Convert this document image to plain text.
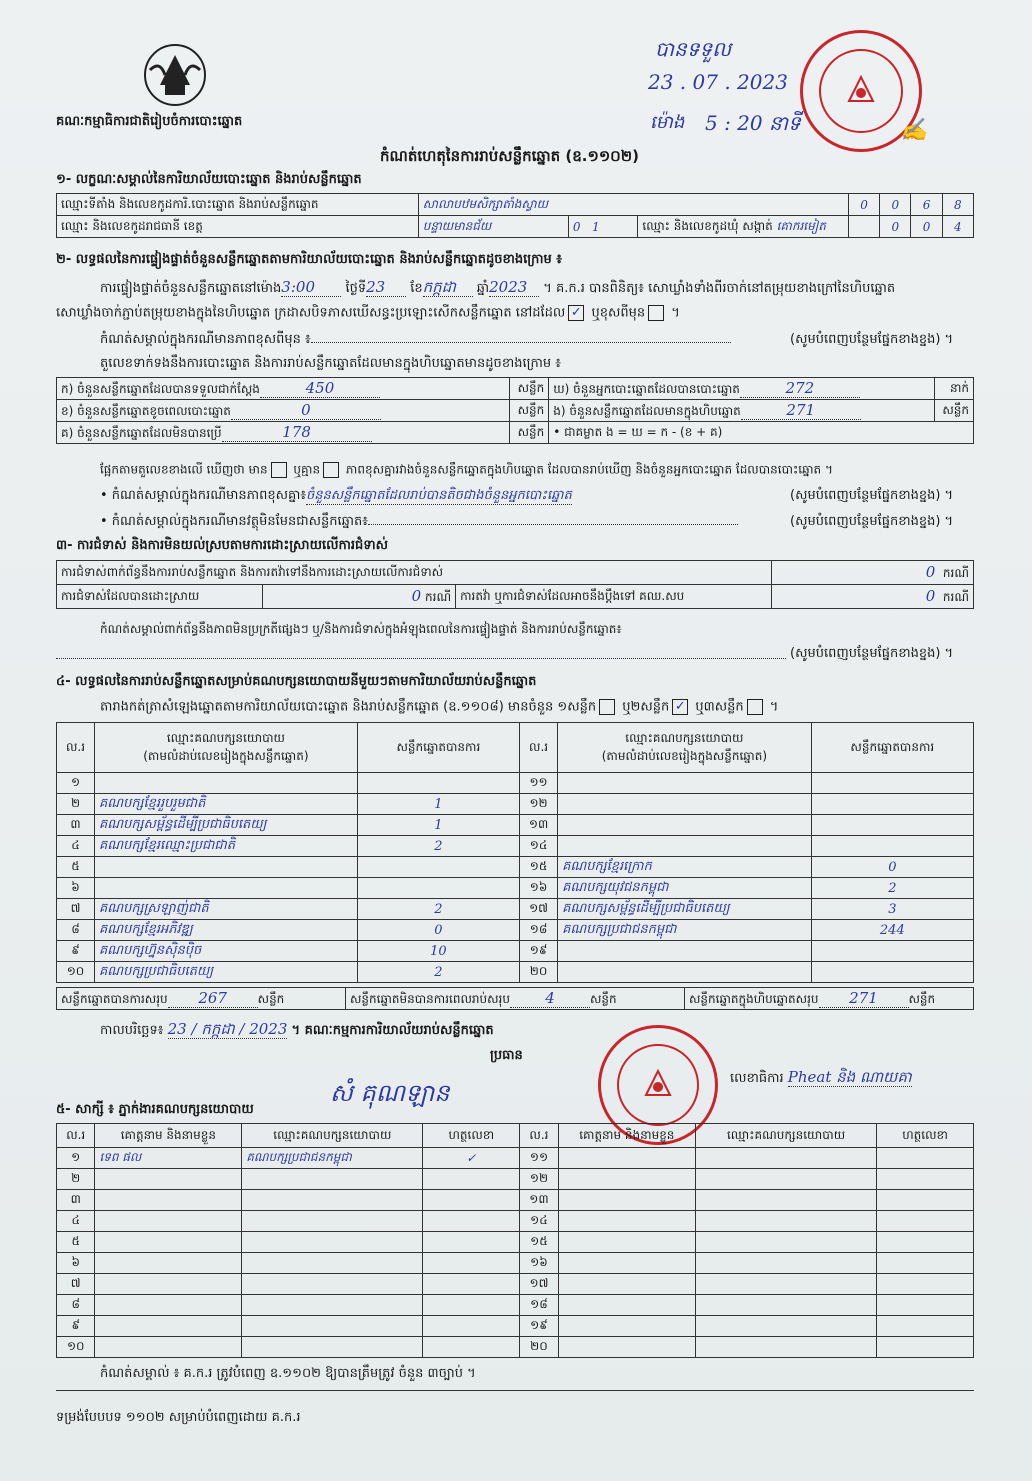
គណៈកម្មាធិការជាតិរៀបចំការបោះឆ្នោត
បានទទួល
23 . 07 . 2023
ម៉ោង 5 : 20 នាទី	✍
កំណត់ហេតុនៃការរាប់សន្លឹកឆ្នោត (ឧ.១១០២)
១- លក្ខណៈសម្គាល់នៃការិយាល័យបោះឆ្នោត និងរាប់សន្លឹកឆ្នោត
ឈ្មោះទីតាំង និងលេខកូដការិ.បោះឆ្នោត និងរាប់សន្លឹកឆ្នោត	សាលាបឋមសិក្សាតាំងស្វាយ			0	0	6	8
ឈ្មោះ និងលេខកូដរាជធានី ខេត្ត	បន្ទាយមានជ័យ	0 1	ឈ្មោះ និងលេខកូដឃុំ សង្កាត់ គោករមៀត		0	0	4
២- លទ្ធផលនៃការផ្ទៀងផ្ទាត់ចំនួនសន្លឹកឆ្នោតតាមការិយាល័យបោះឆ្នោត និងរាប់សន្លឹកឆ្នោតដូចខាងក្រោម ៖
ការផ្ទៀងផ្ទាត់ចំនួនសន្លឹកឆ្នោតនៅម៉ោង3:00 ថ្ងៃទី23 ខែកក្កដា ឆ្នាំ2023 ។ គ.ក.រ បានពិនិត្យ៖ សោឃ្លាំងទាំងពីរចាក់នៅតម្រុយខាងក្រៅនៃហិបឆ្នោត
សោឃ្លាំងចាក់ភ្ជាប់តម្រុយខាងក្នុងនៃហិបឆ្នោត ក្រដាសបិទភាសឃើសន្ធះប្រឡោះសើកសន្លឹកឆ្នោត នៅដដែល ✓ ឬខុសពីមុន ។
កំណត់សម្គាល់ក្នុងករណីមានភាពខុសពីមុន ៖	(សូមបំពេញបន្ថែមផ្នែកខាងខ្នង) ។
តួលេខទាក់ទងនឹងការបោះឆ្នោត និងការរាប់សន្លឹកឆ្នោតដែលមានក្នុងហិបឆ្នោតមានដូចខាងក្រោម ៖
ក) ចំនួនសន្លឹកឆ្នោតដែលបានទទួលជាក់ស្តែង 450	សន្លឹក	ឃ) ចំនួនអ្នកបោះឆ្នោតដែលបានបោះឆ្នោត 272	នាក់
ខ) ចំនួនសន្លឹកឆ្នោតខូចពេលបោះឆ្នោត 0	សន្លឹក	ង) ចំនួនសន្លឹកឆ្នោតដែលមានក្នុងហិបឆ្នោត 271	សន្លឹក
គ) ចំនួនសន្លឹកឆ្នោតដែលមិនបានប្រើ 178	សន្លឹក	• ជាគម្លាត ង = ឃ = ក - (ខ + គ)	
ផ្អែកតាមតួលេខខាងលើ ឃើញថា មាន ឬគ្មាន ភាពខុសគ្នារវាងចំនួនសន្លឹកឆ្នោតក្នុងហិបឆ្នោត ដែលបានរាប់ឃើញ និងចំនួនអ្នកបោះឆ្នោត ដែលបានបោះឆ្នោត ។
• កំណត់សម្គាល់ក្នុងករណីមានភាពខុសគ្នា៖ចំនួនសន្លឹកឆ្នោតដែលរាប់បានតិចជាងចំនួនអ្នកបោះឆ្នោត	(សូមបំពេញបន្ថែមផ្នែកខាងខ្នង) ។
• កំណត់សម្គាល់ក្នុងករណីមានវត្ថុមិនមែនជាសន្លឹកឆ្នោត៖	(សូមបំពេញបន្ថែមផ្នែកខាងខ្នង) ។
៣- ការជំទាស់ និងការមិនយល់ស្របតាមការដោះស្រាយលើការជំទាស់
ការជំទាស់ពាក់ព័ន្ធនឹងការរាប់សន្លឹកឆ្នោត និងការតវ៉ាទៅនឹងការដោះស្រាយលើការជំទាស់			0 ករណី
ការជំទាស់ដែលបានដោះស្រាយ	0 ករណី	ការតវ៉ា ឬការជំទាស់ដែលអាចនឹងប្តឹងទៅ គឈ.សប	0 ករណី
កំណត់សម្គាល់ពាក់ព័ន្ធនឹងភាពមិនប្រក្រតីផ្សេងៗ ឬ/និងការជំទាស់ក្នុងអំឡុងពេលនៃការផ្ទៀងផ្ទាត់ និងការរាប់សន្លឹកឆ្នោត៖
(សូមបំពេញបន្ថែមផ្នែកខាងខ្នង) ។
៤- លទ្ធផលនៃការរាប់សន្លឹកឆ្នោតសម្រាប់គណបក្សនយោបាយនីមួយៗតាមការិយាល័យរាប់សន្លឹកឆ្នោត
តារាងកត់ត្រាសំឡេងឆ្នោតតាមការិយាល័យបោះឆ្នោត និងរាប់សន្លឹកឆ្នោត (ឧ.១១០៨) មានចំនួន ១សន្លឹក ឬ២សន្លឹក ✓ ឬ៣សន្លឹក ។
ល.រ	ឈ្មោះគណបក្សនយោបាយ
(តាមលំដាប់លេខរៀងក្នុងសន្លឹកឆ្នោត)	សន្លឹកឆ្នោតបានការ	ល.រ	ឈ្មោះគណបក្សនយោបាយ
(តាមលំដាប់លេខរៀងក្នុងសន្លឹកឆ្នោត)	សន្លឹកឆ្នោតបានការ
១			១១		
២	គណបក្សខ្មែររួបរួមជាតិ	1	១២		
៣	គណបក្សសម្ព័ន្ធដើម្បីប្រជាធិបតេយ្យ	1	១៣		
៤	គណបក្សខ្មែរឈ្មោះប្រជាជាតិ	2	១៤		
៥			១៥	គណបក្សខ្មែរក្រោក	0
៦			១៦	គណបក្សយុវជនកម្ពុជា	2
៧	គណបក្សស្រឡាញ់ជាតិ	2	១៧	គណបក្សសម្ព័ន្ធដើម្បីប្រជាធិបតេយ្យ	3
៨	គណបក្សខ្មែរអភិវឌ្ឍ	0	១៨	គណបក្សប្រជាជនកម្ពុជា	244
៩	គណបក្សហ្វ៊ុនស៊ិនប៉ិច	10	១៩		
១០	គណបក្សប្រជាធិបតេយ្យ	2	២០		
សន្លឹកឆ្នោតបានការសរុប 267	សន្លឹក	សន្លឹកឆ្នោតមិនបានការពេលរាប់សរុប 4	សន្លឹក	សន្លឹកឆ្នោតក្នុងហិបឆ្នោតសរុប 271	សន្លឹក
កាលបរិច្ឆេទ៖ 23 / កក្កដា / 2023 ។ គណៈកម្មការការិយាល័យរាប់សន្លឹកឆ្នោត
ប្រធាន
លេខាធិការ Pheat និង ណាយគា
សំ គុណឡាន
៥- សាក្សី ៖ ភ្នាក់ងារគណបក្សនយោបាយ
ល.រ	គោត្តនាម និងនាមខ្លួន	ឈ្មោះគណបក្សនយោបាយ	ហត្ថលេខា	ល.រ	គោត្តនាម និងនាមខ្លួន	ឈ្មោះគណបក្សនយោបាយ	ហត្ថលេខា
១	ទេព ផល	គណបក្សប្រជាជនកម្ពុជា	✓	១១			
២				១២			
៣				១៣			
៤				១៤			
៥				១៥			
៦				១៦			
៧				១៧			
៨				១៨			
៩				១៩			
១០				២០			
កំណត់សម្គាល់ ៖ គ.ក.រ ត្រូវបំពេញ ឧ.១១០២ ឱ្យបានត្រឹមត្រូវ ចំនួន ៣ច្បាប់ ។
ទម្រង់បែបបទ ១១០២ សម្រាប់បំពេញដោយ គ.ក.រ
